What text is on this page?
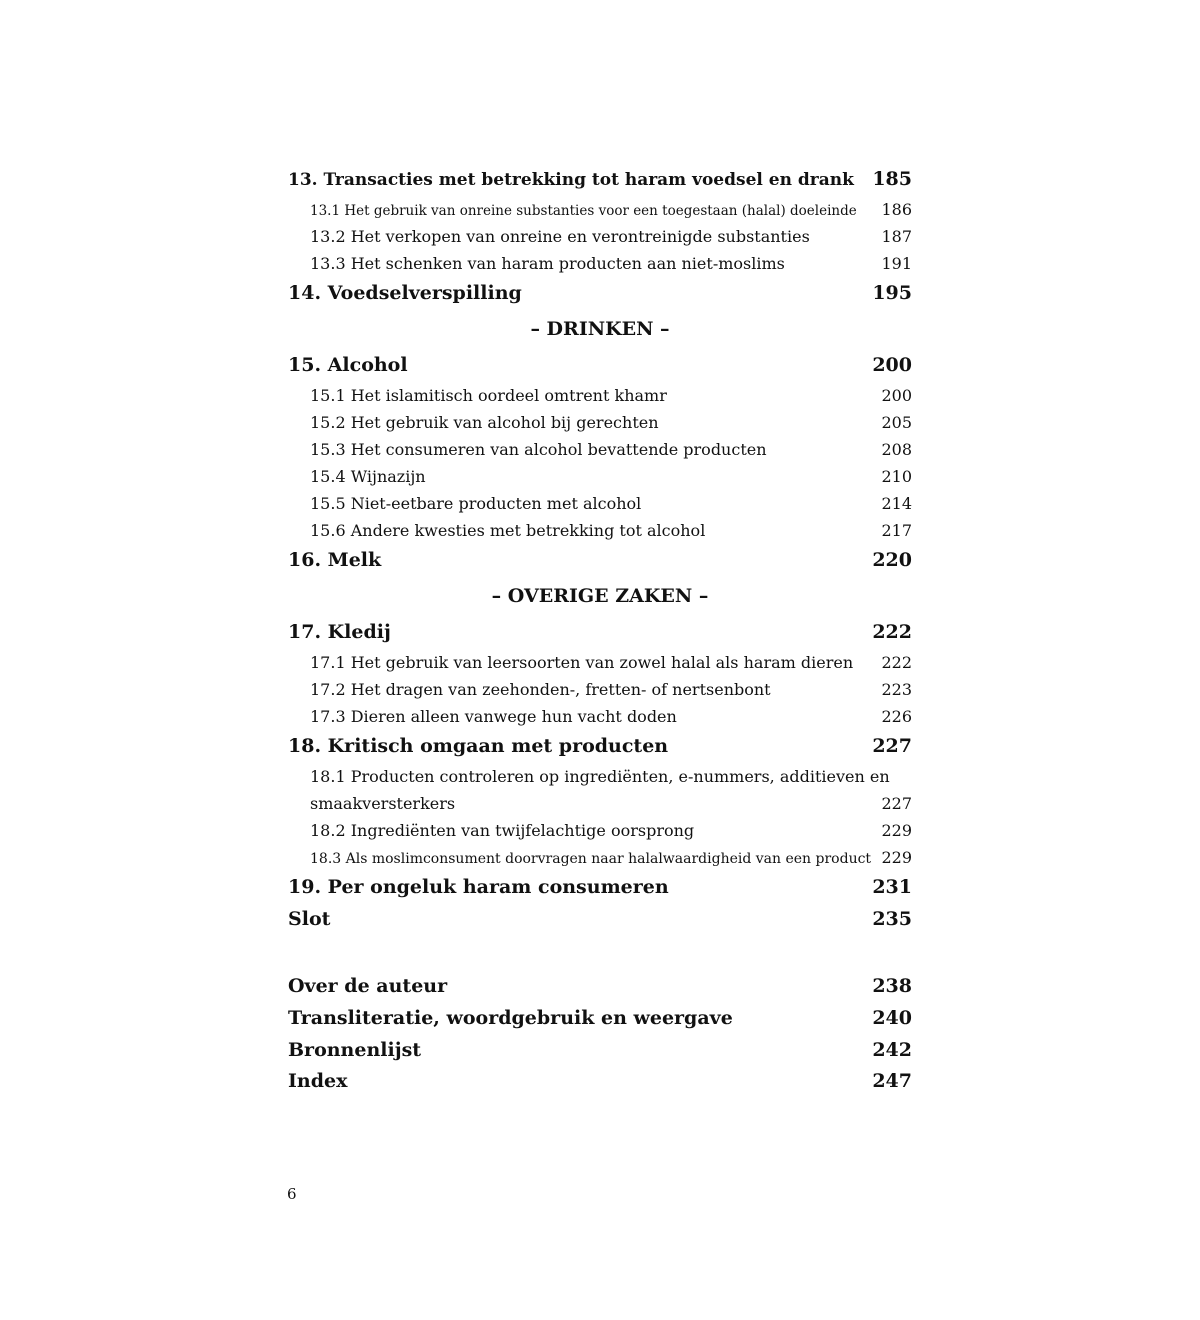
13. Transacties met betrekking tot haram voedsel en drank 185
13.1 Het gebruik van onreine substanties voor een toegestaan (halal) doeleinde 186
13.2 Het verkopen van onreine en verontreinigde substanties	187
13.3 Het schenken van haram producten aan niet-moslims	191
14. Voedselverspilling	195
– DRINKEN –
15. Alcohol	200
15.1 Het islamitisch oordeel omtrent khamr	200
15.2 Het gebruik van alcohol bij gerechten	205
15.3 Het consumeren van alcohol bevattende producten	208
15.4 Wijnazijn	210
15.5 Niet-eetbare producten met alcohol	214
15.6 Andere kwesties met betrekking tot alcohol	217
16. Melk	220
– OVERIGE ZAKEN –
17. Kledij	222
17.1 Het gebruik van leersoorten van zowel halal als haram dieren 222
17.2 Het dragen van zeehonden-, fretten- of nertsenbont	223
17.3 Dieren alleen vanwege hun vacht doden	226
18. Kritisch omgaan met producten	227
18.1 Producten controleren op ingrediënten, e-nummers, additieven en
smaakversterkers	227
18.2 Ingrediënten van twijfelachtige oorsprong	229
18.3 Als moslimconsument doorvragen naar halalwaardigheid van een product 229
19. Per ongeluk haram consumeren	231
Slot	235
Over de auteur	238
Transliteratie, woordgebruik en weergave	240
Bronnenlijst	242
Index	247
6
